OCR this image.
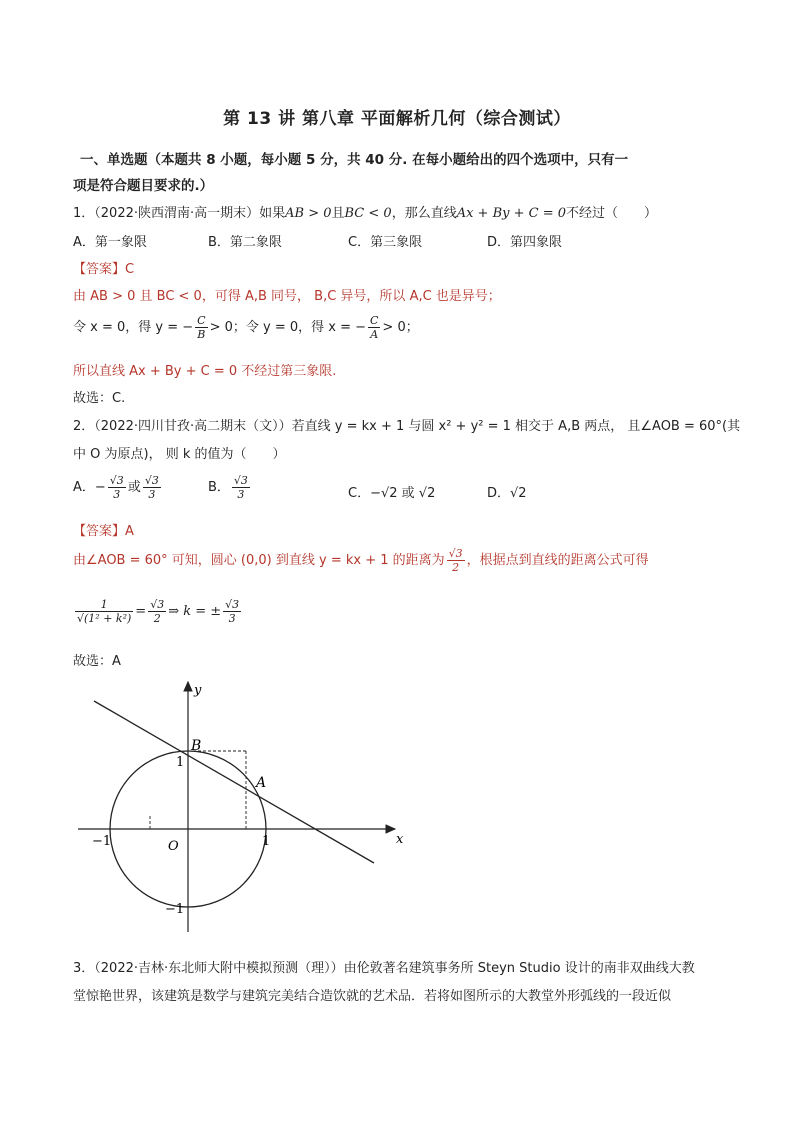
第 13 讲 第八章 平面解析几何（综合测试）
一、单选题（本题共 8 小题，每小题 5 分，共 40 分. 在每小题给出的四个选项中，只有一
项是符合题目要求的.）
1．（2022·陕西渭南·高一期末）如果AB > 0且BC < 0，那么直线Ax + By + C = 0不经过（　　）
A．第一象限	B．第二象限	C．第三象限	D．第四象限
【答案】C
由 AB > 0 且 BC < 0，可得 A,B 同号， B,C 异号，所以 A,C 也是异号；
令 x = 0，得 y = − $\frac{C}{B} > 0$；令 y = 0，得 x = − $\frac{C}{A} > 0$；
所以直线 Ax + By + C = 0 不经过第三象限.
故选：C.
2．（2022·四川甘孜·高二期末（文））若直线 y = kx + 1 与圆 x² + y² = 1 相交于 A,B 两点， 且∠AOB = 60°(其
中 O 为原点)， 则 k 的值为（　　）
A．− $\frac{√3}{3}$ 或 $\frac{√3}{3}$	B． $\frac{√3}{3}$	C．−√2 或 √2	D．√2
【答案】A
由∠AOB = 60° 可知，圆心 (0,0) 到直线 y = kx + 1 的距离为 $\frac{√3}{2}$ ，根据点到直线的距离公式可得
$\frac{1}{\text{√(1² + k²)}} = \frac{√3}{2}$ ⇒ k = ± $\frac{√3}{3}$
故选：A
x
y
O
B
A
1
−1
1
−1
3．（2022·吉林·东北师大附中模拟预测（理））由伦敦著名建筑事务所 Steyn Studio 设计的南非双曲线大教
堂惊艳世界，该建筑是数学与建筑完美结合造饮就的艺术品．若将如图所示的大教堂外形弧线的一段近似
